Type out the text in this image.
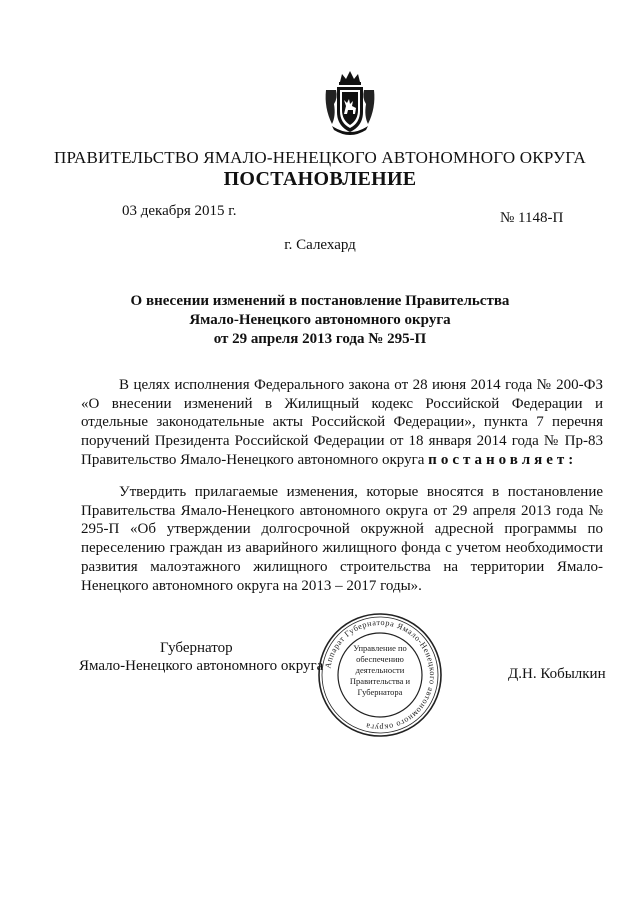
ПРАВИТЕЛЬСТВО ЯМАЛО-НЕНЕЦКОГО АВТОНОМНОГО ОКРУГА
ПОСТАНОВЛЕНИЕ
03 декабря 2015 г.	№ 1148-П
г. Салехард
О внесении изменений в постановление Правительства
Ямало-Ненецкого автономного округа
от 29 апреля 2013 года № 295-П

В целях исполнения Федерального закона от 28 июня 2014 года № 200-ФЗ «О внесении изменений в Жилищный кодекс Российской Федерации и отдельные законодательные акты Российской Федерации», пункта 7 перечня поручений Президента Российской Федерации от 18 января 2014 года № Пр-83 Правительство Ямало-Ненецкого автономного округа постановляет:

Утвердить прилагаемые изменения, которые вносятся в постановление Правительства Ямало-Ненецкого автономного округа от 29 апреля 2013 года № 295-П «Об утверждении долгосрочной окружной адресной программы по переселению граждан из аварийного жилищного фонда с учетом необходимости развития малоэтажного жилищного строительства на территории Ямало-Ненецкого автономного округа на 2013 – 2017 годы».

Губернатор
Ямало-Ненецкого автономного округа Аппарат Губернатора Ямало-Ненецкого автономного округа
Управление по обеспечению деятельности Правительства и Губернатора
Д.Н. Кобылкин
